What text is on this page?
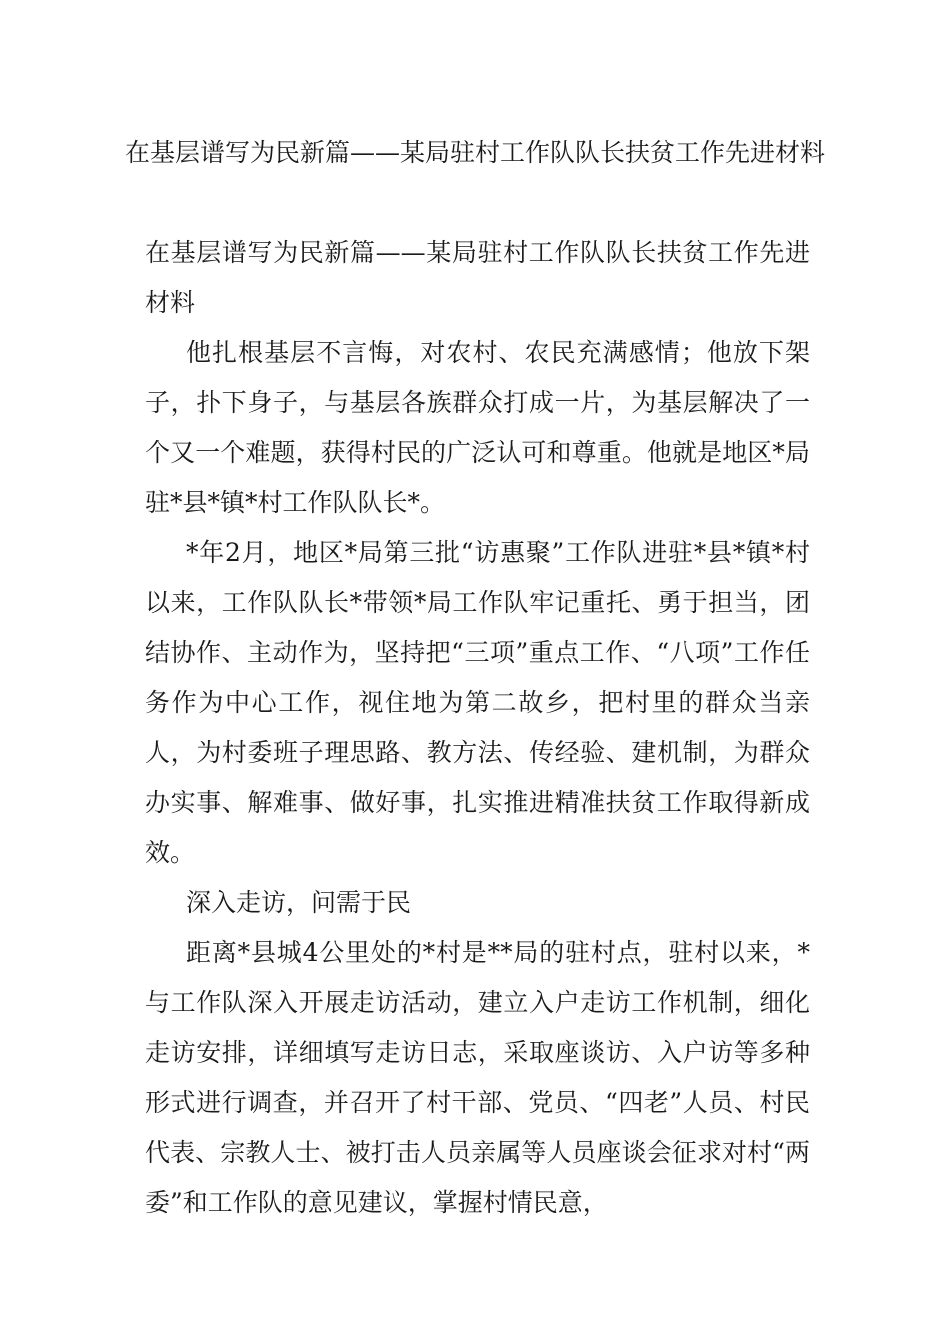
在基层谱写为民新篇——某局驻村工作队队长扶贫工作先进材料

在基层谱写为民新篇——某局驻村工作队队长扶贫工作先进材料

他扎根基层不言悔，对农村、农民充满感情；他放下架子，扑下身子，与基层各族群众打成一片，为基层解决了一个又一个难题，获得村民的广泛认可和尊重。他就是地区*局驻*县*镇*村工作队队长*。

*年2月，地区*局第三批“访惠聚”工作队进驻*县*镇*村以来，工作队队长*带领*局工作队牢记重托、勇于担当，团结协作、主动作为，坚持把“三项”重点工作、“八项”工作任务作为中心工作，视住地为第二故乡，把村里的群众当亲人，为村委班子理思路、教方法、传经验、建机制，为群众办实事、解难事、做好事，扎实推进精准扶贫工作取得新成效。

深入走访，问需于民

距离*县城4公里处的*村是**局的驻村点，驻村以来，*与工作队深入开展走访活动，建立入户走访工作机制，细化走访安排，详细填写走访日志，采取座谈访、入户访等多种形式进行调查，并召开了村干部、党员、“四老”人员、村民代表、宗教人士、被打击人员亲属等人员座谈会征求对村“两委”和工作队的意见建议，掌握村情民意，
